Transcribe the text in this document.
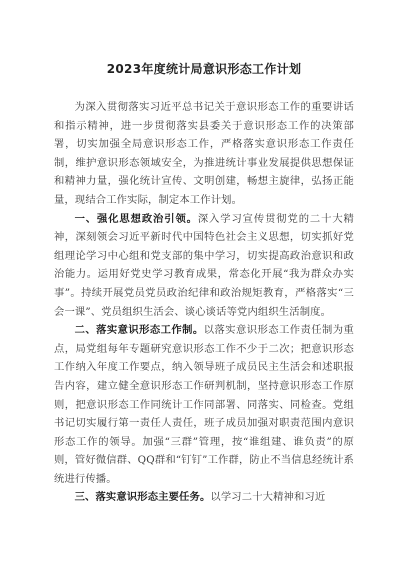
2023年度统计局意识形态工作计划

为深入贯彻落实习近平总书记关于意识形态工作的重要讲话和指示精神，进一步贯彻落实县委关于意识形态工作的决策部署，切实加强全局意识形态工作，严格落实意识形态工作责任制，维护意识形态领域安全，为推进统计事业发展提供思想保证和精神力量，强化统计宣传、文明创建，畅想主旋律，弘扬正能量，现结合工作实际，制定本工作计划。

一、强化思想政治引领。深入学习宣传贯彻党的二十大精神，深刻领会习近平新时代中国特色社会主义思想，切实抓好党组理论学习中心组和党支部的集中学习，切实提高政治意识和政治能力。运用好党史学习教育成果，常态化开展“我为群众办实事”。持续开展党员党员政治纪律和政治规矩教育，严格落实“三会一课”、党员组织生活会、谈心谈话等党内组织生活制度。

二、落实意识形态工作制。以落实意识形态工作责任制为重点，局党组每年专题研究意识形态工作不少于二次；把意识形态工作纳入年度工作要点，纳入领导班子成员民主生活会和述职报告内容，建立健全意识形态工作研判机制，坚持意识形态工作原则，把意识形态工作同统计工作同部署、同落实、同检查。党组书记切实履行第一责任人责任，班子成员加强对职责范围内意识形态工作的领导。加强“三群”管理，按“谁组建、谁负责”的原则，管好微信群、QQ群和“钉钉”工作群，防止不当信息经统计系统进行传播。

三、落实意识形态主要任务。以学习二十大精神和习近
